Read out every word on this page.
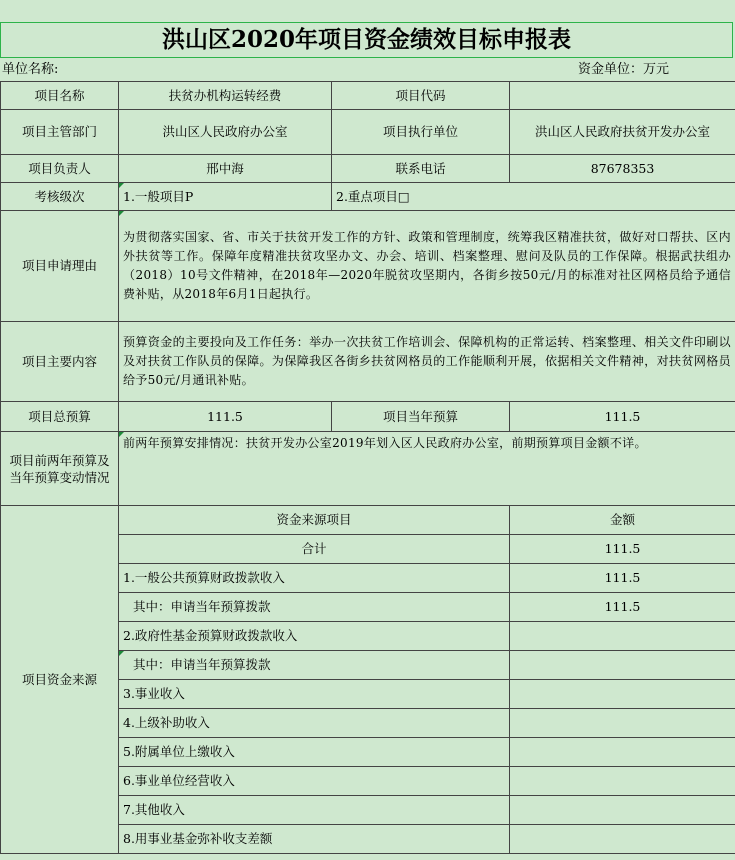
洪山区2020年项目资金绩效目标申报表
单位名称:	资金单位：万元
项目名称	扶贫办机构运转经费	项目代码	
项目主管部门	洪山区人民政府办公室	项目执行单位	洪山区人民政府扶贫开发办公室
项目负责人	邢中海	联系电话	87678353
考核级次	1.一般项目P	2.重点项目□	
项目申请理由	为贯彻落实国家、省、市关于扶贫开发工作的方针、政策和管理制度，统筹我区精准扶贫，做好对口帮扶、区内外扶贫等工作。保障年度精准扶贫攻坚办文、办会、培训、档案整理、慰问及队员的工作保障。根据武扶组办（2018）10号文件精神，在2018年—2020年脱贫攻坚期内，各街乡按50元/月的标准对社区网格员给予通信费补贴，从2018年6月1日起执行。		
项目主要内容	预算资金的主要投向及工作任务：举办一次扶贫工作培训会、保障机构的正常运转、档案整理、相关文件印刷以及对扶贫工作队员的保障。为保障我区各街乡扶贫网格员的工作能顺利开展，依据相关文件精神，对扶贫网格员给予50元/月通讯补贴。		
项目总预算	111.5	项目当年预算	111.5
项目前两年预算及当年预算变动情况	前两年预算安排情况：扶贫开发办公室2019年划入区人民政府办公室，前期预算项目金额不详。		
项目资金来源	资金来源项目		金额
	合计		111.5
	1.一般公共预算财政拨款收入		111.5
	其中：申请当年预算拨款		111.5
	2.政府性基金预算财政拨款收入		
	其中：申请当年预算拨款		
	3.事业收入		
	4.上级补助收入		
	5.附属单位上缴收入		
	6.事业单位经营收入		
	7.其他收入		
	8.用事业基金弥补收支差额		
